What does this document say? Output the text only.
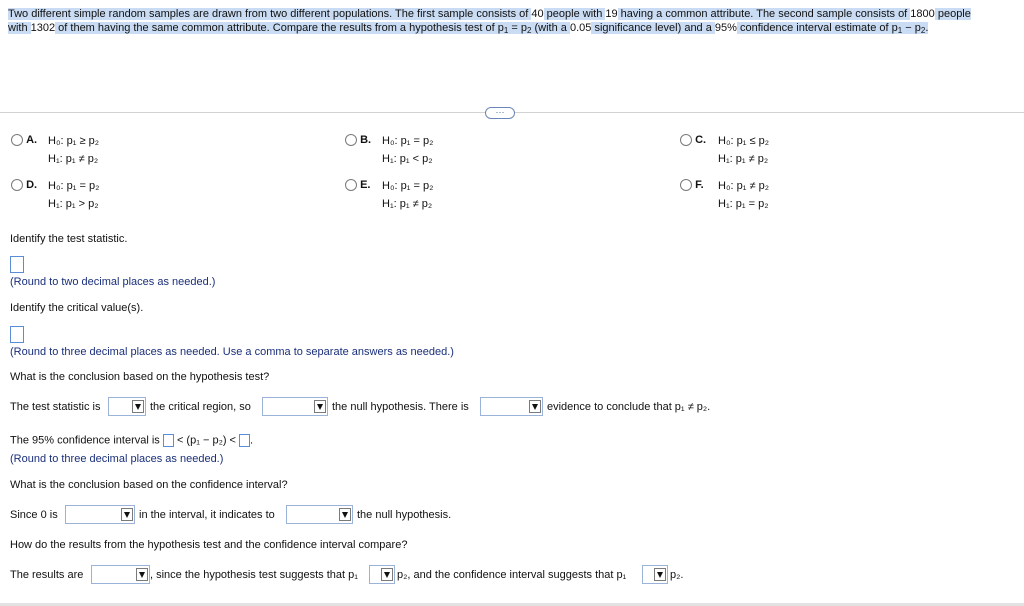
Two different simple random samples are drawn from two different populations. The first sample consists of 40 people with 19 having a common attribute. The second sample consists of 1800 people
with 1302 of them having the same common attribute. Compare the results from a hypothesis test of $p_1 = p_2$ (with a 0.05 significance level) and a 95% confidence interval estimate of $p_1 - p_2$.
···
A. H₀: p₁ ≥ p₂
H₁: p₁ ≠ p₂
B. H₀: p₁ = p₂
H₁: p₁ < p₂
C. H₀: p₁ ≤ p₂
H₁: p₁ ≠ p₂
D. H₀: p₁ = p₂
H₁: p₁ > p₂
E. H₀: p₁ = p₂
H₁: p₁ ≠ p₂
F. H₀: p₁ ≠ p₂
H₁: p₁ = p₂
Identify the test statistic.
(Round to two decimal places as needed.)
Identify the critical value(s).
(Round to three decimal places as needed. Use a comma to separate answers as needed.)
What is the conclusion based on the hypothesis test?
The test statistic is	the critical region, so	the null hypothesis. There is	evidence to conclude that p₁ ≠ p₂.
The 95% confidence interval is < (p₁ − p₂) < .
(Round to three decimal places as needed.)
What is the conclusion based on the confidence interval?
Since 0 is	in the interval, it indicates to	the null hypothesis.
How do the results from the hypothesis test and the confidence interval compare?
The results are	, since the hypothesis test suggests that p₁	p₂, and the confidence interval suggests that p₁	p₂.
